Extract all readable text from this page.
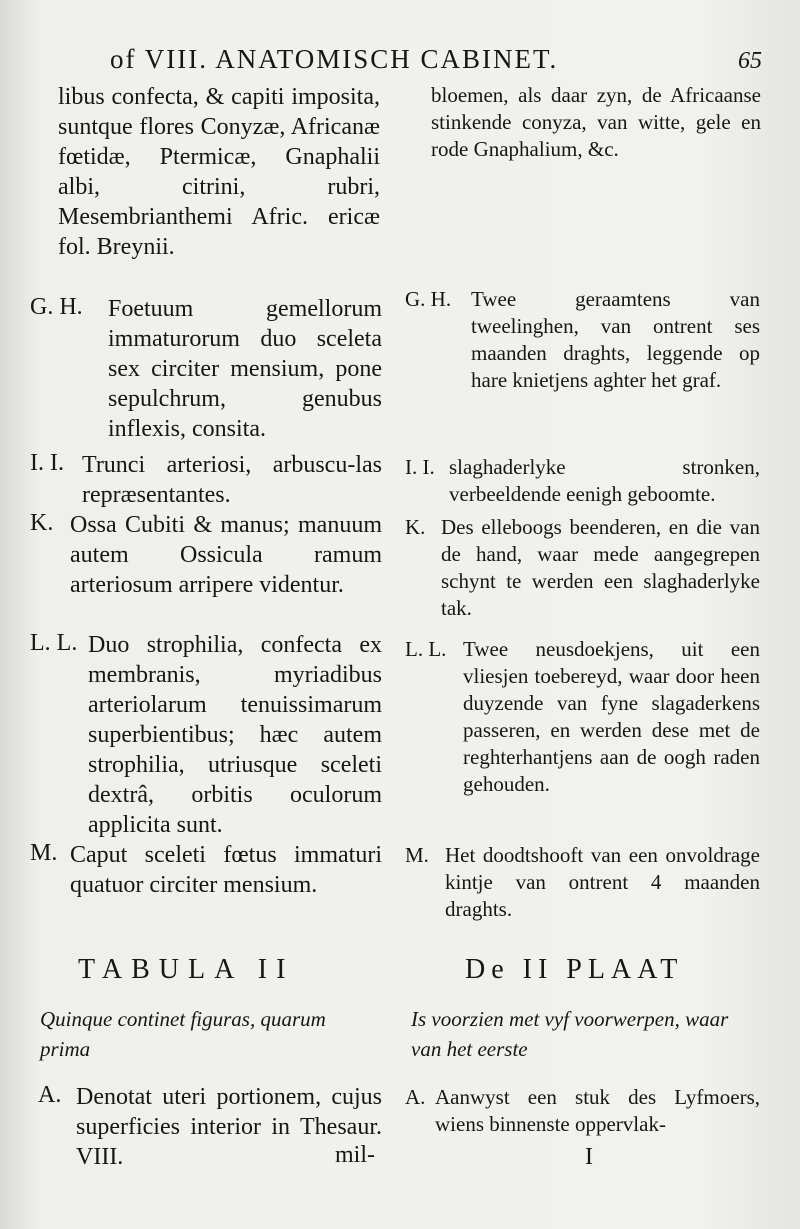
of VIII. ANATOMISCH CABINET.	65
libus confecta, & capiti imposita, suntque flores Conyzæ, Africanæ fœtidæ, Ptermicæ, Gnaphalii albi, citrini, rubri, Mesembrianthemi Afric. ericæ fol. Breynii.
G. H. Foetuum gemellorum immaturorum duo sceleta sex circiter mensium, pone sepulchrum, genubus inflexis, consita.
I. I. Trunci arteriosi, arbuscu-las repræsentantes.
K. Ossa Cubiti & manus; manuum autem Ossicula ramum arteriosum arripere videntur.
L. L. Duo strophilia, confecta ex membranis, myriadibus arteriolarum tenuissimarum superbientibus; hæc autem strophilia, utriusque sceleti dextrâ, orbitis oculorum applicita sunt.
M. Caput sceleti fœtus immaturi quatuor circiter mensium.
TABULA II
Quinque continet figuras, quarum prima
A. Denotat uteri portionem, cujus superficies interior in Thesaur. VIII.	mil-
bloemen, als daar zyn, de Africaanse stinkende conyza, van witte, gele en rode Gnaphalium, &c.
G. H. Twee geraamtens van tweelinghen, van ontrent ses maanden draghts, leggende op hare knietjens aghter het graf.
I. I. slaghaderlyke stronken, verbeeldende eenigh geboomte.
K. Des elleboogs beenderen, en die van de hand, waar mede aangegrepen schynt te werden een slaghaderlyke tak.
L. L. Twee neusdoekjens, uit een vliesjen toebereyd, waar door heen duyzende van fyne slagaderkens passeren, en werden dese met de reghterhantjens aan de oogh raden gehouden.
M. Het doodtshooft van een onvoldrage kintje van ontrent 4 maanden draghts.
De II PLAAT
Is voorzien met vyf voorwerpen, waar van het eerste
A. Aanwyst een stuk des Lyfmoers, wiens binnenste oppervlak-
I
